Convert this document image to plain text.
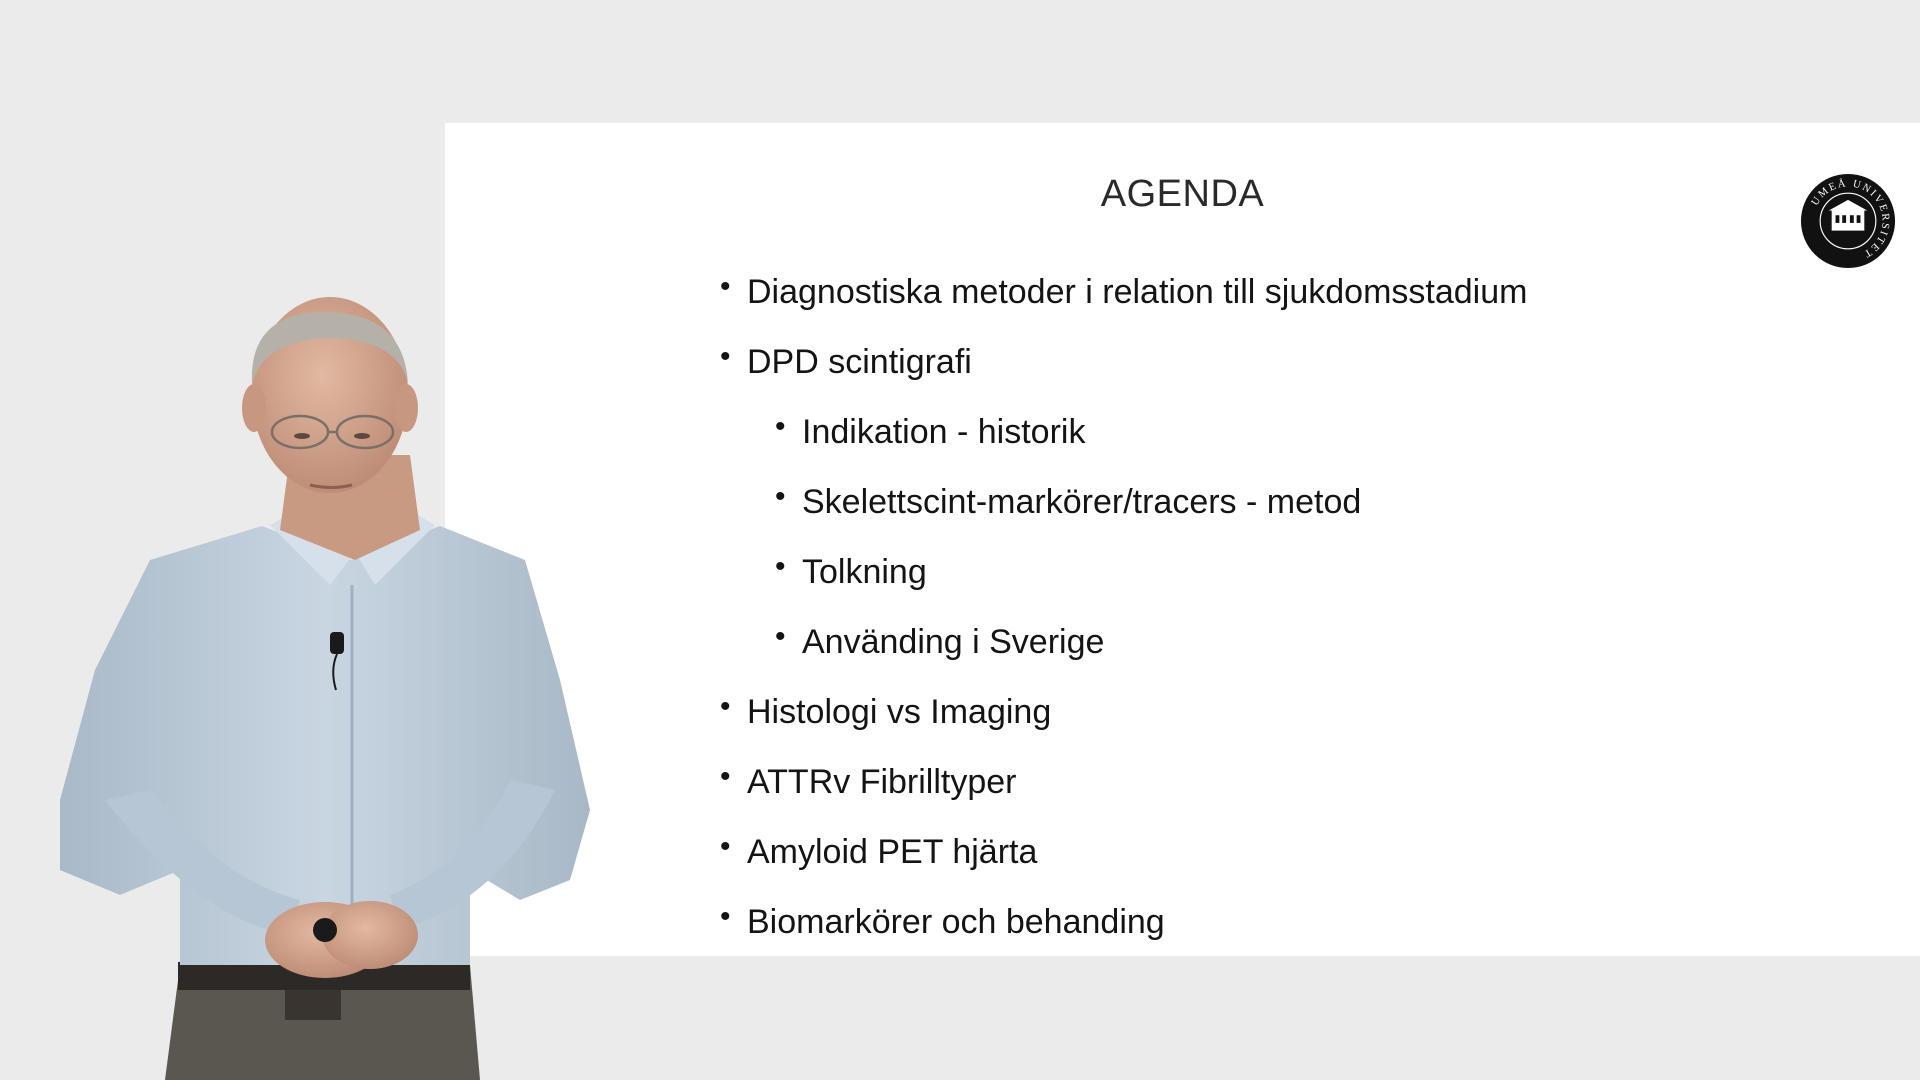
AGENDA	UMEÅ UNIVERSITET
• Diagnostiska metoder i relation till sjukdomsstadium
• DPD scintigrafi
• Indikation - historik
• Skelettscint-markörer/tracers - metod
• Tolkning
• Använding i Sverige
• Histologi vs Imaging
• ATTRv Fibrilltyper
• Amyloid PET hjärta
• Biomarkörer och behanding
